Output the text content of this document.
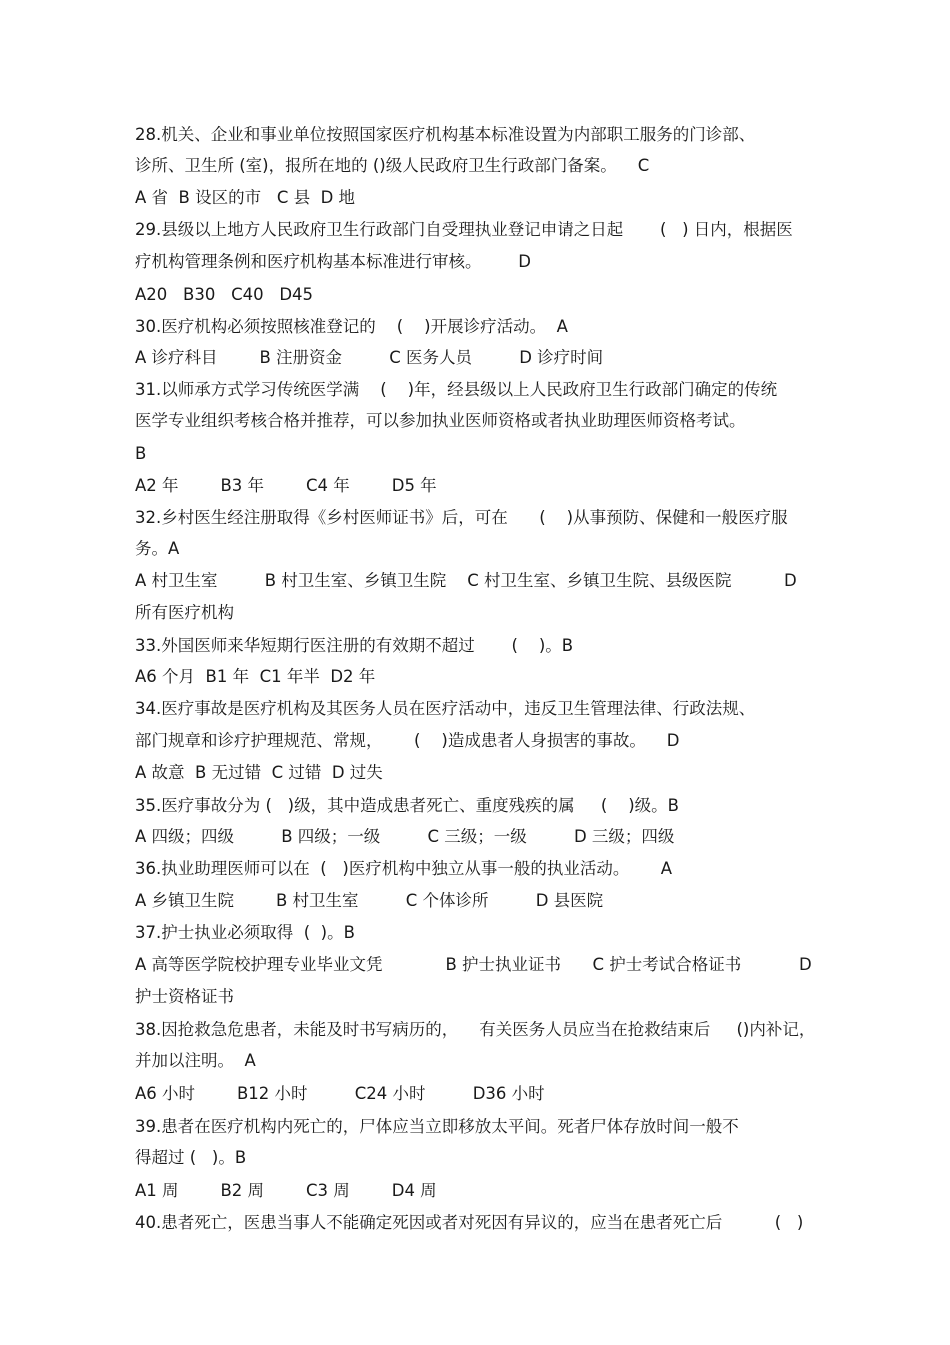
28.机关、企业和事业单位按照国家医疗机构基本标准设置为内部职工服务的门诊部、
诊所、卫生所 (室)，报所在地的 ()级人民政府卫生行政部门备案。    C
A 省  B 设区的市   C 县  D 地
29.县级以上地方人民政府卫生行政部门自受理执业登记申请之日起       (   ) 日内，根据医
疗机构管理条例和医疗机构基本标准进行审核。       D
A20   B30   C40   D45
30.医疗机构必须按照核准登记的    (    )开展诊疗活动。  A
A 诊疗科目        B 注册资金         C 医务人员         D 诊疗时间
31.以师承方式学习传统医学满    (    )年，经县级以上人民政府卫生行政部门确定的传统
医学专业组织考核合格并推荐，可以参加执业医师资格或者执业助理医师资格考试。
B
A2 年        B3 年        C4 年        D5 年
32.乡村医生经注册取得《乡村医师证书》后，可在      (    )从事预防、保健和一般医疗服
务。A
A 村卫生室         B 村卫生室、乡镇卫生院    C 村卫生室、乡镇卫生院、县级医院          D
所有医疗机构
33.外国医师来华短期行医注册的有效期不超过       (    )。B
A6 个月  B1 年  C1 年半  D2 年
34.医疗事故是医疗机构及其医务人员在医疗活动中，违反卫生管理法律、行政法规、
部门规章和诊疗护理规范、常规，      (    )造成患者人身损害的事故。    D
A 故意  B 无过错  C 过错  D 过失
35.医疗事故分为 (   )级，其中造成患者死亡、重度残疾的属     (    )级。B
A 四级；四级         B 四级；一级         C 三级；一级         D 三级；四级
36.执业助理医师可以在  (   )医疗机构中独立从事一般的执业活动。      A
A 乡镇卫生院        B 村卫生室         C 个体诊所         D 县医院
37.护士执业必须取得  (  )。B
A 高等医学院校护理专业毕业文凭            B 护士执业证书      C 护士考试合格证书           D
护士资格证书
38.因抢救急危患者，未能及时书写病历的，    有关医务人员应当在抢救结束后     ()内补记，
并加以注明。  A
A6 小时        B12 小时         C24 小时         D36 小时
39.患者在医疗机构内死亡的，尸体应当立即移放太平间。死者尸体存放时间一般不
得超过 (   )。B
A1 周        B2 周        C3 周        D4 周
40.患者死亡，医患当事人不能确定死因或者对死因有异议的，应当在患者死亡后          (   )
